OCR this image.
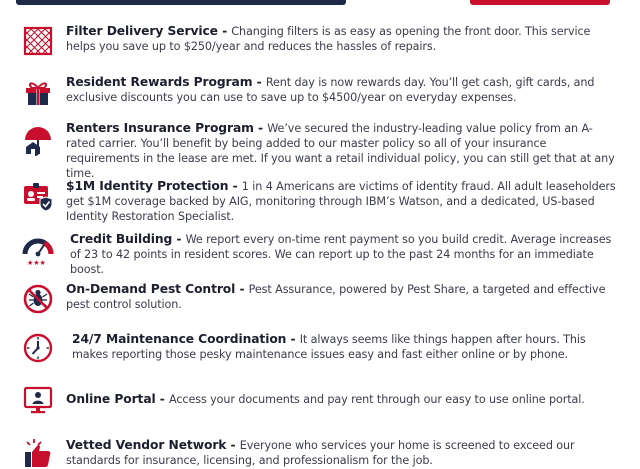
Filter Delivery Service - Changing filters is as easy as opening the front door. This service helps you save up to $250/year and reduces the hassles of repairs.
Resident Rewards Program - Rent day is now rewards day. You’ll get cash, gift cards, and exclusive discounts you can use to save up to $4500/year on everyday expenses.
Renters Insurance Program - We’ve secured the industry-leading value policy from an A-rated carrier. You’ll benefit by being added to our master policy so all of your insurance requirements in the lease are met. If you want a retail individual policy, you can still get that at any time.
$1M Identity Protection - 1 in 4 Americans are victims of identity fraud. All adult leaseholders get $1M coverage backed by AIG, monitoring through IBM’s Watson, and a dedicated, US-based Identity Restoration Specialist.
★★★
Credit Building - We report every on-time rent payment so you build credit. Average increases of 23 to 42 points in resident scores. We can report up to the past 24 months for an immediate boost.
On-Demand Pest Control - Pest Assurance, powered by Pest Share, a targeted and effective pest control solution.
24/7 Maintenance Coordination - It always seems like things happen after hours. This makes reporting those pesky maintenance issues easy and fast either online or by phone.
Online Portal - Access your documents and pay rent through our easy to use online portal.
Vetted Vendor Network - Everyone who services your home is screened to exceed our standards for insurance, licensing, and professionalism for the job.
